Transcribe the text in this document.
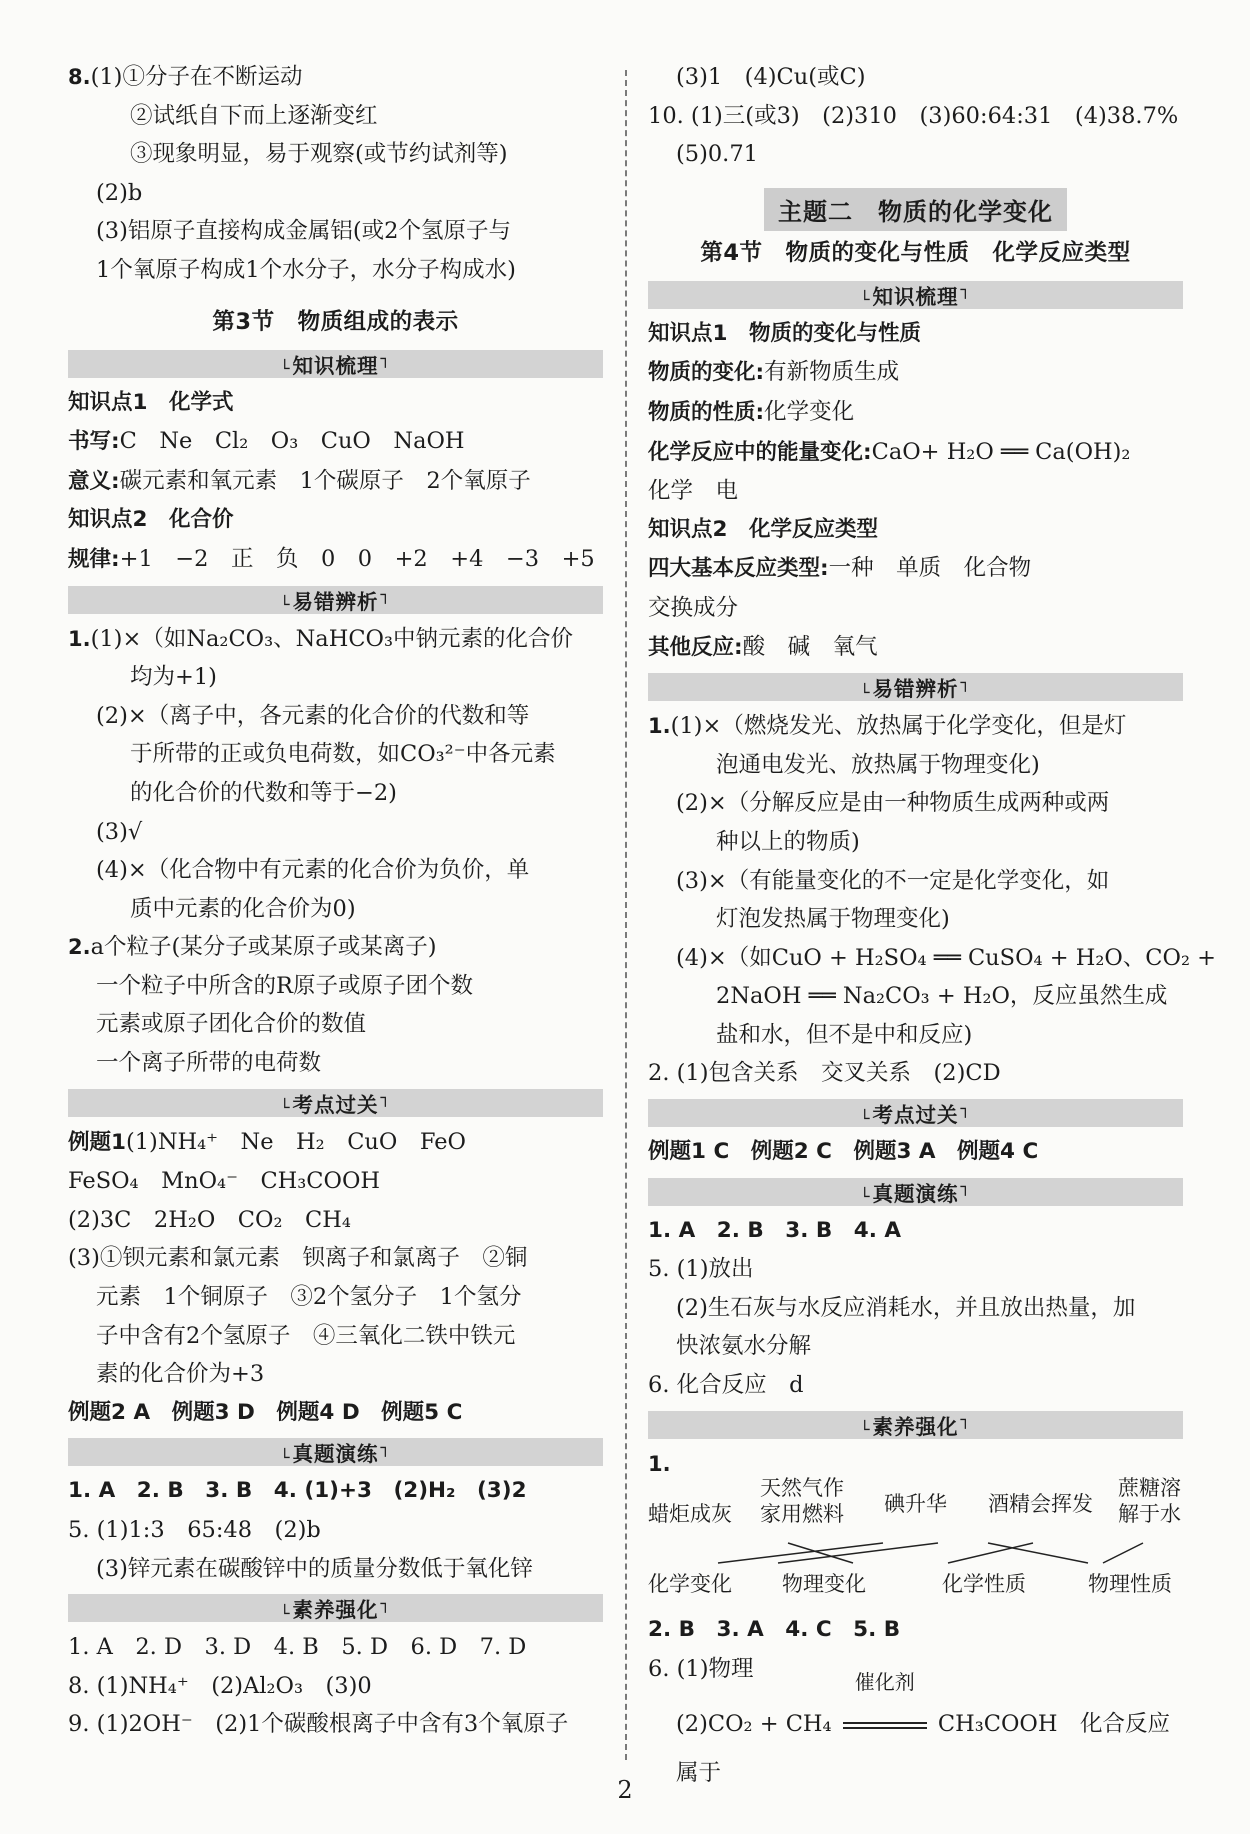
8.(1)①分子在不断运动
②试纸自下而上逐渐变红
③现象明显，易于观察(或节约试剂等)
(2)b
(3)铝原子直接构成金属铝(或2个氢原子与
1个氧原子构成1个水分子，水分子构成水)
第3节　物质组成的表示
└ 知识梳理 ┐
知识点1　化学式
书写:C　Ne　Cl₂　O₃　CuO　NaOH
意义:碳元素和氧元素　1个碳原子　2个氧原子
知识点2　化合价
规律:+1　−2　正　负　0　0　+2　+4　−3　+5
└ 易错辨析 ┐
1.(1)×（如Na₂CO₃、NaHCO₃中钠元素的化合价
均为+1)
(2)×（离子中，各元素的化合价的代数和等
于所带的正或负电荷数，如CO₃²⁻中各元素
的化合价的代数和等于−2)
(3)√
(4)×（化合物中有元素的化合价为负价，单
质中元素的化合价为0)
2.a个粒子(某分子或某原子或某离子)
一个粒子中所含的R原子或原子团个数
元素或原子团化合价的数值
一个离子所带的电荷数
└ 考点过关 ┐
例题1(1)NH₄⁺　Ne　H₂　CuO　FeO
FeSO₄　MnO₄⁻　CH₃COOH
(2)3C　2H₂O　CO₂　CH₄
(3)①钡元素和氯元素　钡离子和氯离子　②铜
元素　1个铜原子　③2个氢分子　1个氢分
子中含有2个氢原子　④三氧化二铁中铁元
素的化合价为+3
例题2 A　例题3 D　例题4 D　例题5 C
└ 真题演练 ┐
1. A　2. B　3. B　4. (1)+3　(2)H₂　(3)2
5. (1)1:3　65:48　(2)b
(3)锌元素在碳酸锌中的质量分数低于氧化锌
└ 素养强化 ┐
1. A　2. D　3. D　4. B　5. D　6. D　7. D
8. (1)NH₄⁺　(2)Al₂O₃　(3)0
9. (1)2OH⁻　(2)1个碳酸根离子中含有3个氧原子
(3)1　(4)Cu(或C)
10. (1)三(或3)　(2)310　(3)60:64:31　(4)38.7%
(5)0.71
主题二　物质的化学变化
第4节　物质的变化与性质　化学反应类型
└ 知识梳理 ┐
知识点1　物质的变化与性质
物质的变化:有新物质生成
物质的性质:化学变化
化学反应中的能量变化:CaO+ H₂O ══ Ca(OH)₂
化学　电
知识点2　化学反应类型
四大基本反应类型:一种　单质　化合物
交换成分
其他反应:酸　碱　氧气
└ 易错辨析 ┐
1.(1)×（燃烧发光、放热属于化学变化，但是灯
泡通电发光、放热属于物理变化)
(2)×（分解反应是由一种物质生成两种或两
种以上的物质)
(3)×（有能量变化的不一定是化学变化，如
灯泡发热属于物理变化)
(4)×（如CuO + H₂SO₄ ══ CuSO₄ + H₂O、CO₂ +
2NaOH ══ Na₂CO₃ + H₂O，反应虽然生成
盐和水，但不是中和反应)
2. (1)包含关系　交叉关系　(2)CD
└ 考点过关 ┐
例题1 C　例题2 C　例题3 A　例题4 C
└ 真题演练 ┐
1. A　2. B　3. B　4. A
5. (1)放出
(2)生石灰与水反应消耗水，并且放出热量，加
快浓氨水分解
6. 化合反应　d
└ 素养强化 ┐
1.
蜡炬成灰
天然气作
家用燃料 碘升华 酒精会挥发
蔗糖溶
解于水
化学变化 物理变化	化学性质	物理性质
2. B　3. A　4. C　5. B
6. (1)物理
(2)CO₂ + CH₄
催化剂
CH₃COOH　化合反应
属于
2
